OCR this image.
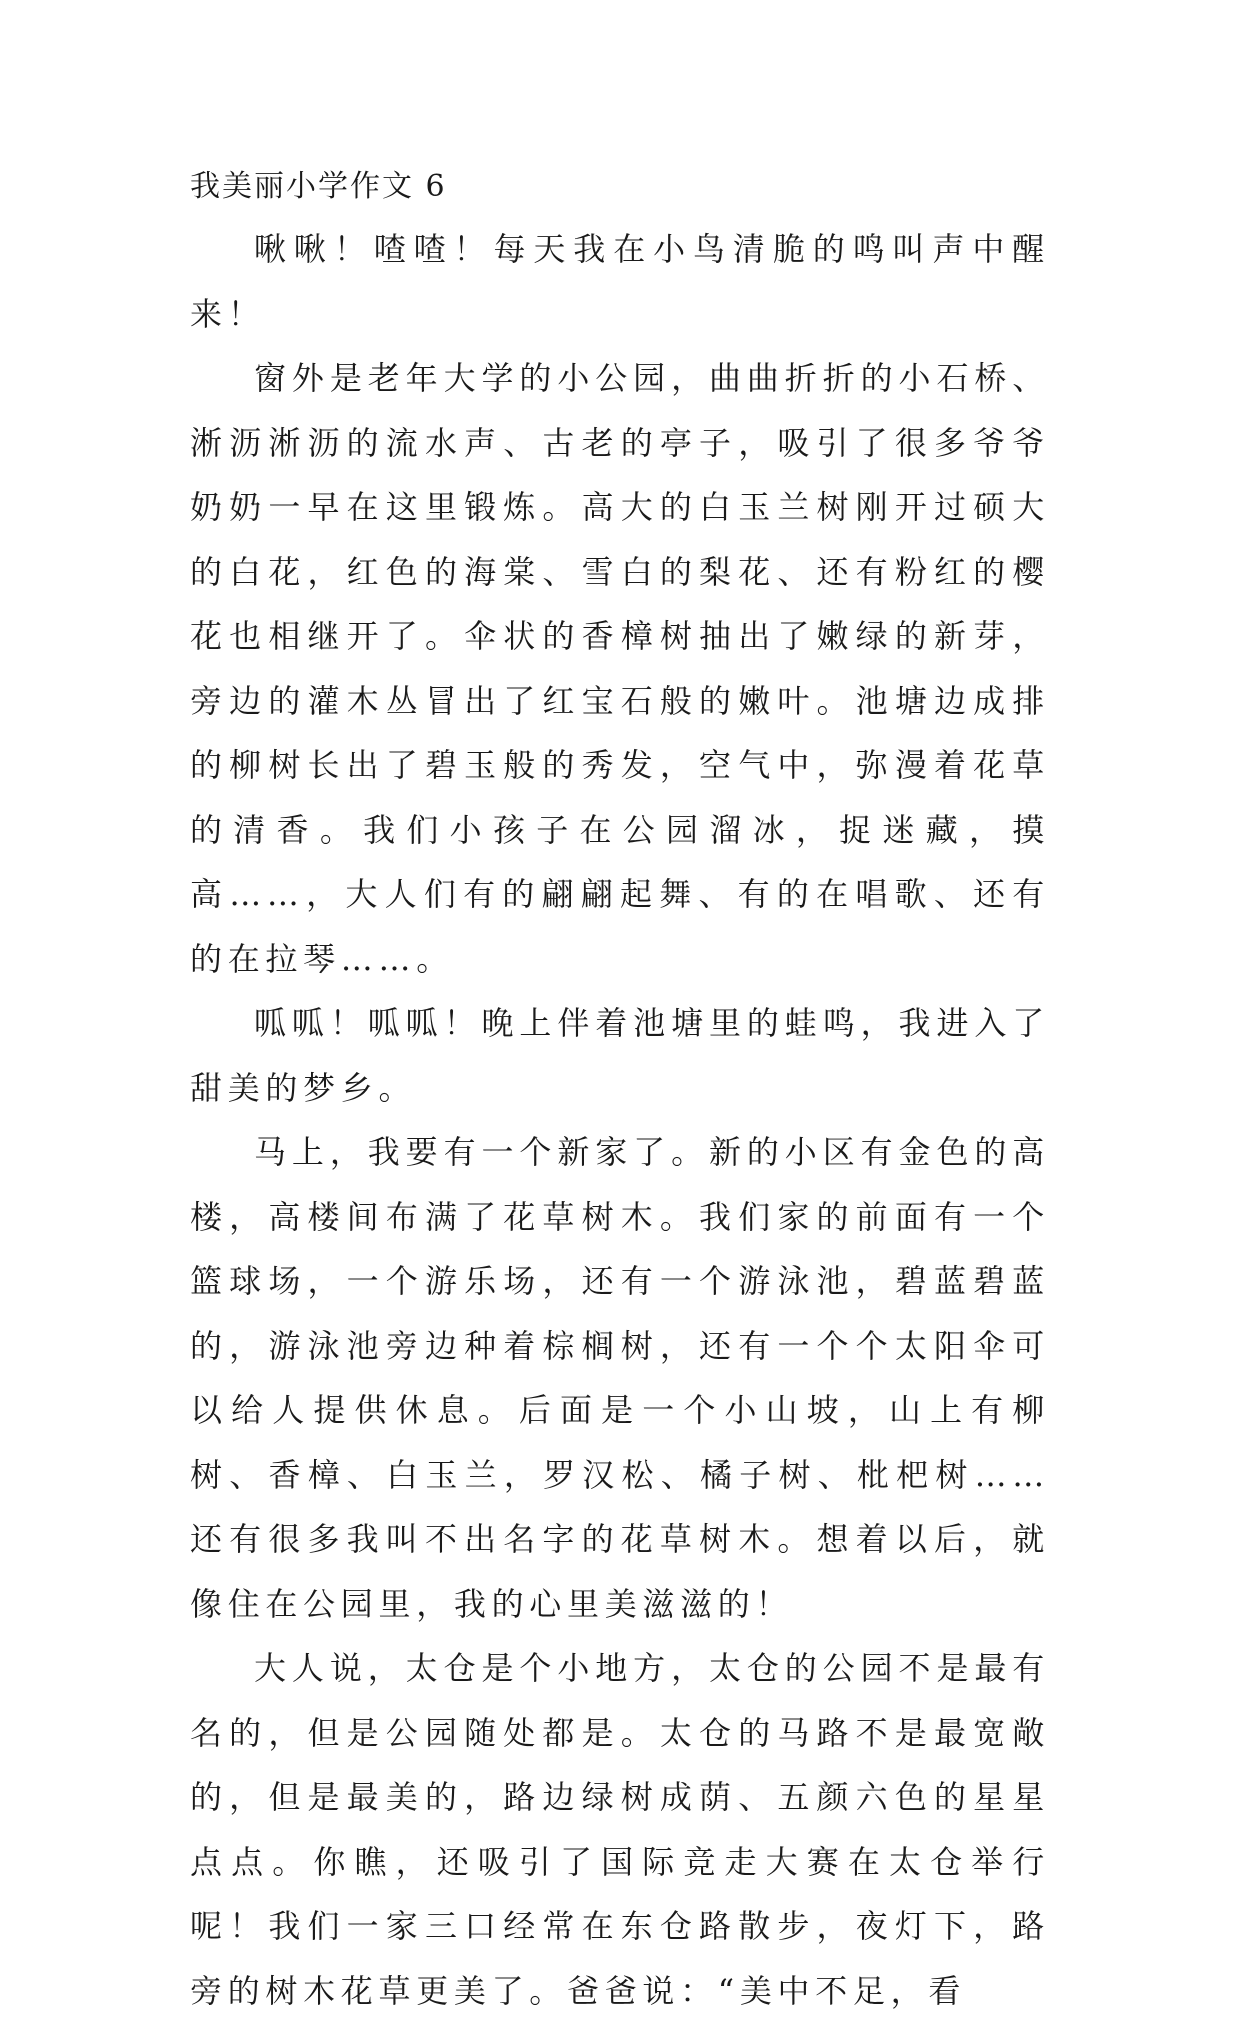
我美丽小学作文 6

啾啾！喳喳！每天我在小鸟清脆的鸣叫声中醒来！

窗外是老年大学的小公园，曲曲折折的小石桥、淅沥淅沥的流水声、古老的亭子，吸引了很多爷爷奶奶一早在这里锻炼。高大的白玉兰树刚开过硕大的白花，红色的海棠、雪白的梨花、还有粉红的樱花也相继开了。伞状的香樟树抽出了嫩绿的新芽，旁边的灌木丛冒出了红宝石般的嫩叶。池塘边成排的柳树长出了碧玉般的秀发，空气中，弥漫着花草的清香。我们小孩子在公园溜冰，捉迷藏，摸高……，大人们有的翩翩起舞、有的在唱歌、还有的在拉琴……。

呱呱！呱呱！晚上伴着池塘里的蛙鸣，我进入了甜美的梦乡。

马上，我要有一个新家了。新的小区有金色的高楼，高楼间布满了花草树木。我们家的前面有一个篮球场，一个游乐场，还有一个游泳池，碧蓝碧蓝的，游泳池旁边种着棕榈树，还有一个个太阳伞可以给人提供休息。后面是一个小山坡，山上有柳树、香樟、白玉兰，罗汉松、橘子树、枇杷树……还有很多我叫不出名字的花草树木。想着以后，就像住在公园里，我的心里美滋滋的！

大人说，太仓是个小地方，太仓的公园不是最有名的，但是公园随处都是。太仓的马路不是最宽敞的，但是最美的，路边绿树成荫、五颜六色的星星点点。你瞧，还吸引了国际竞走大赛在太仓举行呢！我们一家三口经常在东仓路散步，夜灯下，路旁的树木花草更美了。爸爸说：“美中不足，看
